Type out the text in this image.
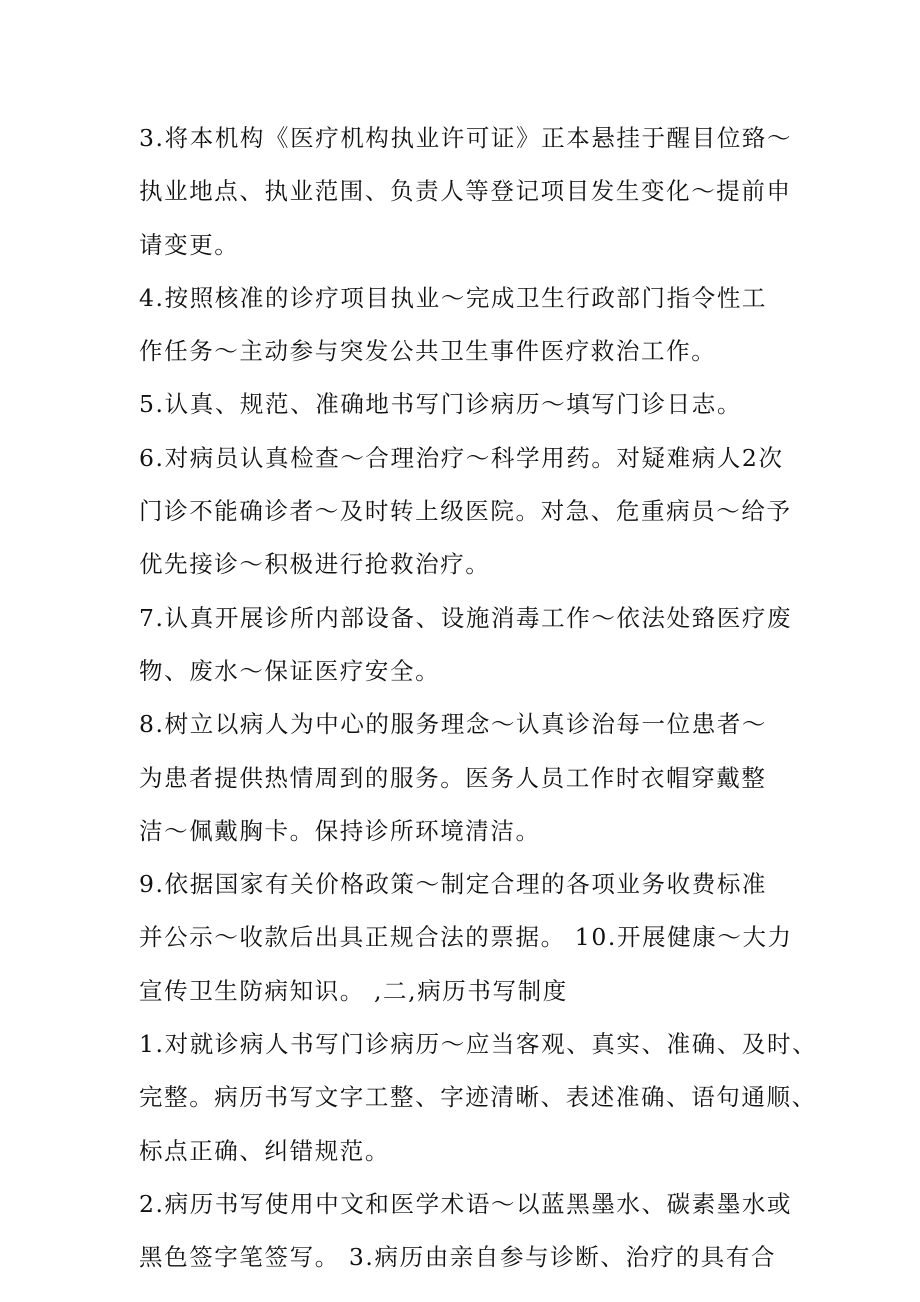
3.将本机构《医疗机构执业许可证》正本悬挂于醒目位臵～
执业地点、执业范围、负责人等登记项目发生变化～提前申
请变更。
4.按照核准的诊疗项目执业～完成卫生行政部门指令性工
作任务～主动参与突发公共卫生事件医疗救治工作。
5.认真、规范、准确地书写门诊病历～填写门诊日志。
6.对病员认真检查～合理治疗～科学用药。对疑难病人2次
门诊不能确诊者～及时转上级医院。对急、危重病员～给予
优先接诊～积极进行抢救治疗。
7.认真开展诊所内部设备、设施消毒工作～依法处臵医疗废
物、废水～保证医疗安全。
8.树立以病人为中心的服务理念～认真诊治每一位患者～
为患者提供热情周到的服务。医务人员工作时衣帽穿戴整
洁～佩戴胸卡。保持诊所环境清洁。
9.依据国家有关价格政策～制定合理的各项业务收费标准
并公示～收款后出具正规合法的票据。 10.开展健康～大力
宣传卫生防病知识。 ,二,病历书写制度
1.对就诊病人书写门诊病历～应当客观、真实、准确、及时、
完整。病历书写文字工整、字迹清晰、表述准确、语句通顺、
标点正确、纠错规范。
2.病历书写使用中文和医学术语～以蓝黑墨水、碳素墨水或
黑色签字笔签写。 3.病历由亲自参与诊断、治疗的具有合
